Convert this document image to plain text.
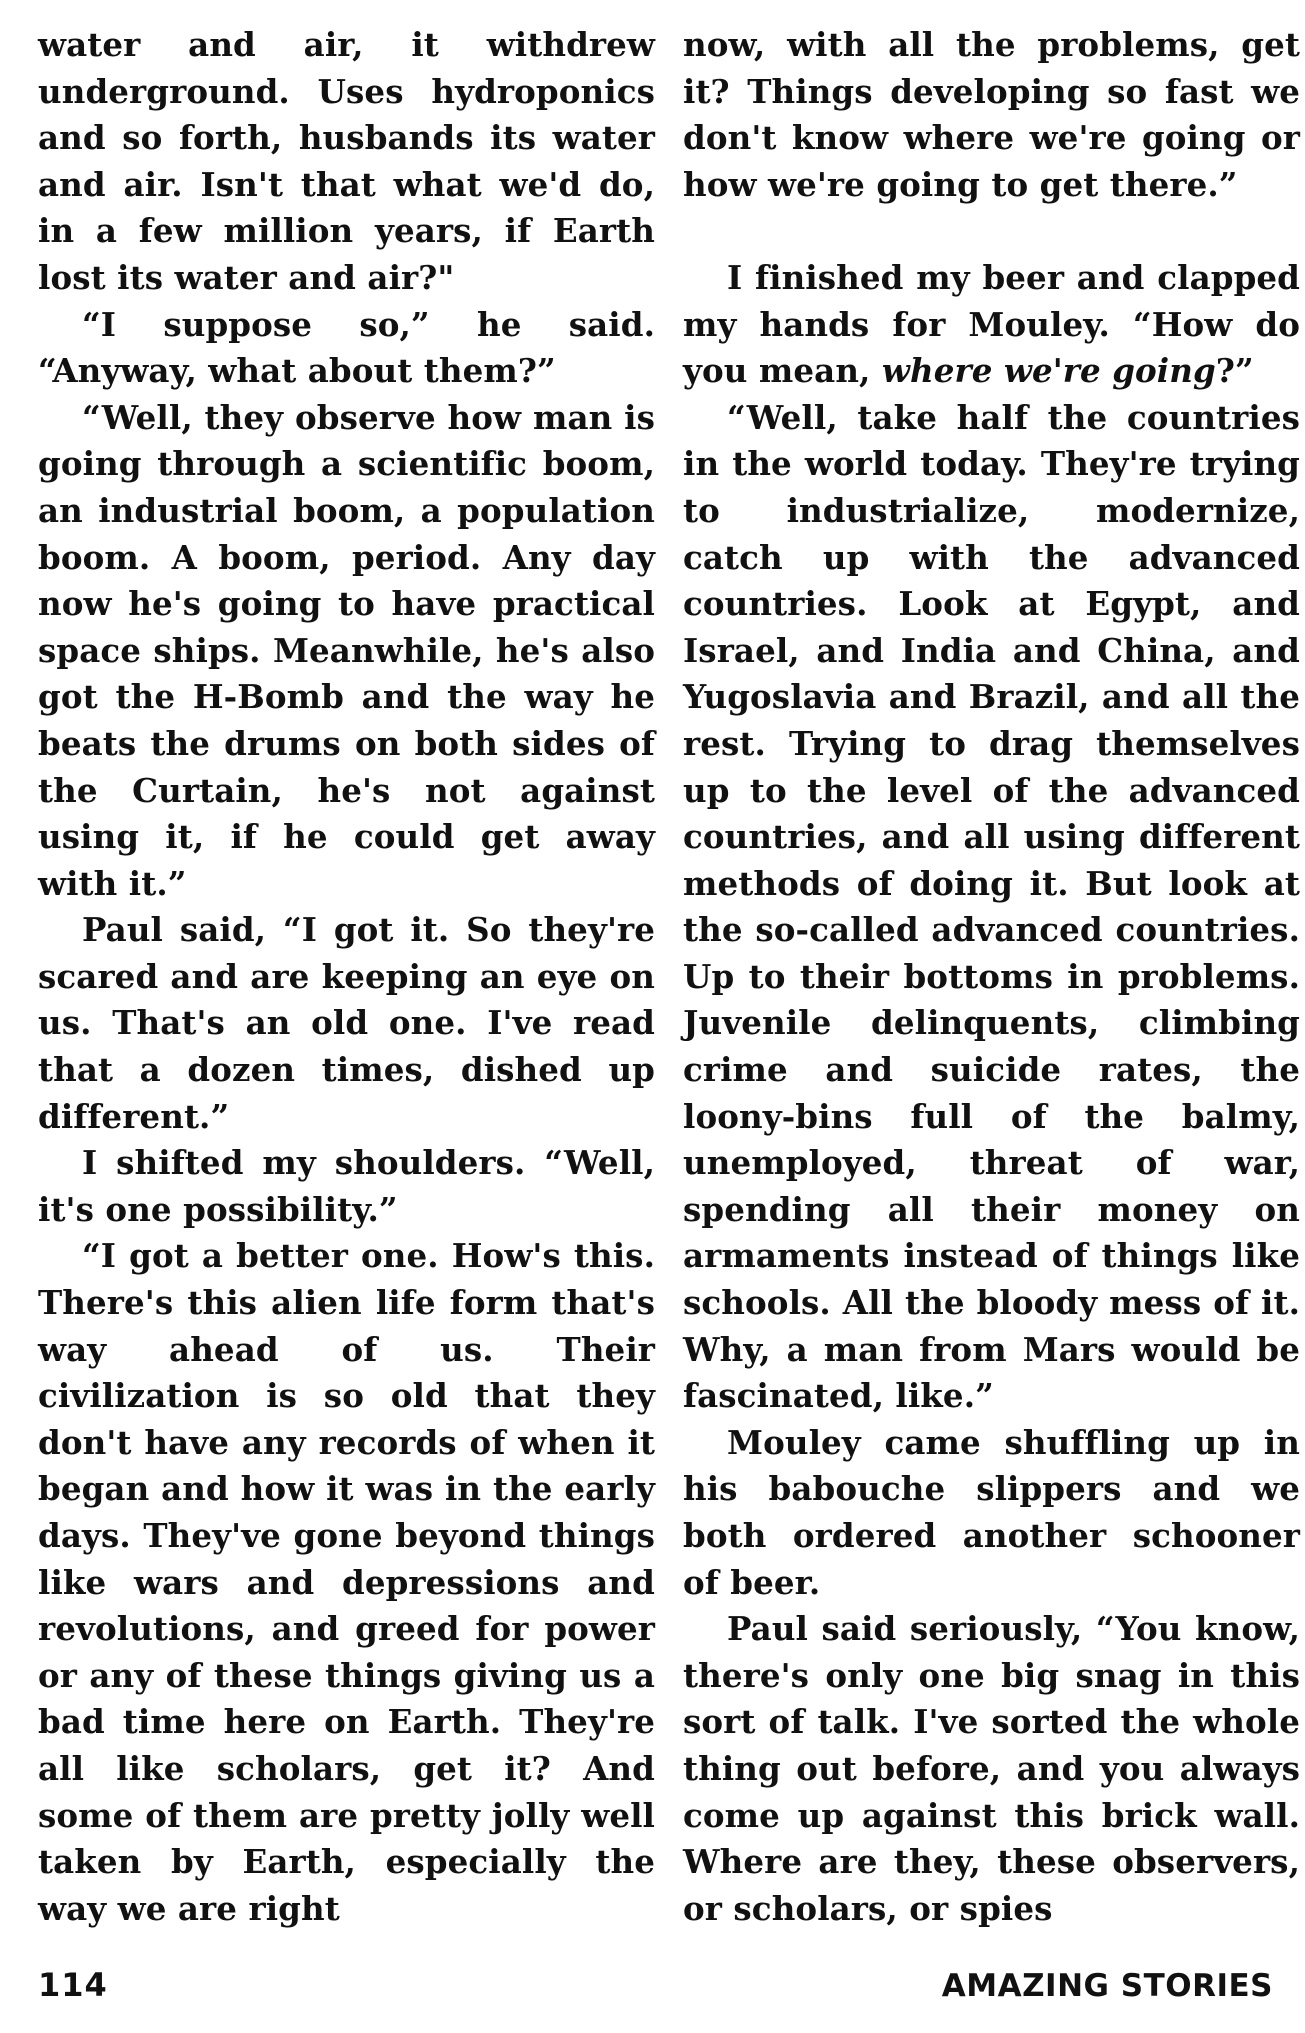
water and air, it withdrew underground. Uses hydroponics and so forth, husbands its water and air. Isn't that what we'd do, in a few million years, if Earth lost its water and air?"

“I suppose so,” he said. “Anyway, what about them?”

“Well, they observe how man is going through a scientific boom, an industrial boom, a population boom. A boom, period. Any day now he's going to have practical space ships. Meanwhile, he's also got the H-Bomb and the way he beats the drums on both sides of the Curtain, he's not against using it, if he could get away with it.”

Paul said, “I got it. So they're scared and are keeping an eye on us. That's an old one. I've read that a dozen times, dished up different.”

I shifted my shoulders. “Well, it's one possibility.”

“I got a better one. How's this. There's this alien life form that's way ahead of us. Their civilization is so old that they don't have any records of when it began and how it was in the early days. They've gone beyond things like wars and depressions and revolutions, and greed for power or any of these things giving us a bad time here on Earth. They're all like scholars, get it? And some of them are pretty jolly well taken by Earth, especially the way we are right

now, with all the problems, get it? Things developing so fast we don't know where we're going or how we're going to get there.”

I finished my beer and clapped my hands for Mouley. “How do you mean, where we're going?”

“Well, take half the countries in the world today. They're trying to industrialize, modernize, catch up with the advanced countries. Look at Egypt, and Israel, and India and China, and Yugoslavia and Brazil, and all the rest. Trying to drag themselves up to the level of the advanced countries, and all using different methods of doing it. But look at the so-called advanced countries. Up to their bottoms in problems. Juvenile delinquents, climbing crime and suicide rates, the loony-bins full of the balmy, unemployed, threat of war, spending all their money on armaments instead of things like schools. All the bloody mess of it. Why, a man from Mars would be fascinated, like.”

Mouley came shuffling up in his babouche slippers and we both ordered another schooner of beer.

Paul said seriously, “You know, there's only one big snag in this sort of talk. I've sorted the whole thing out before, and you always come up against this brick wall. Where are they, these observers, or scholars, or spies

114	AMAZING STORIES
